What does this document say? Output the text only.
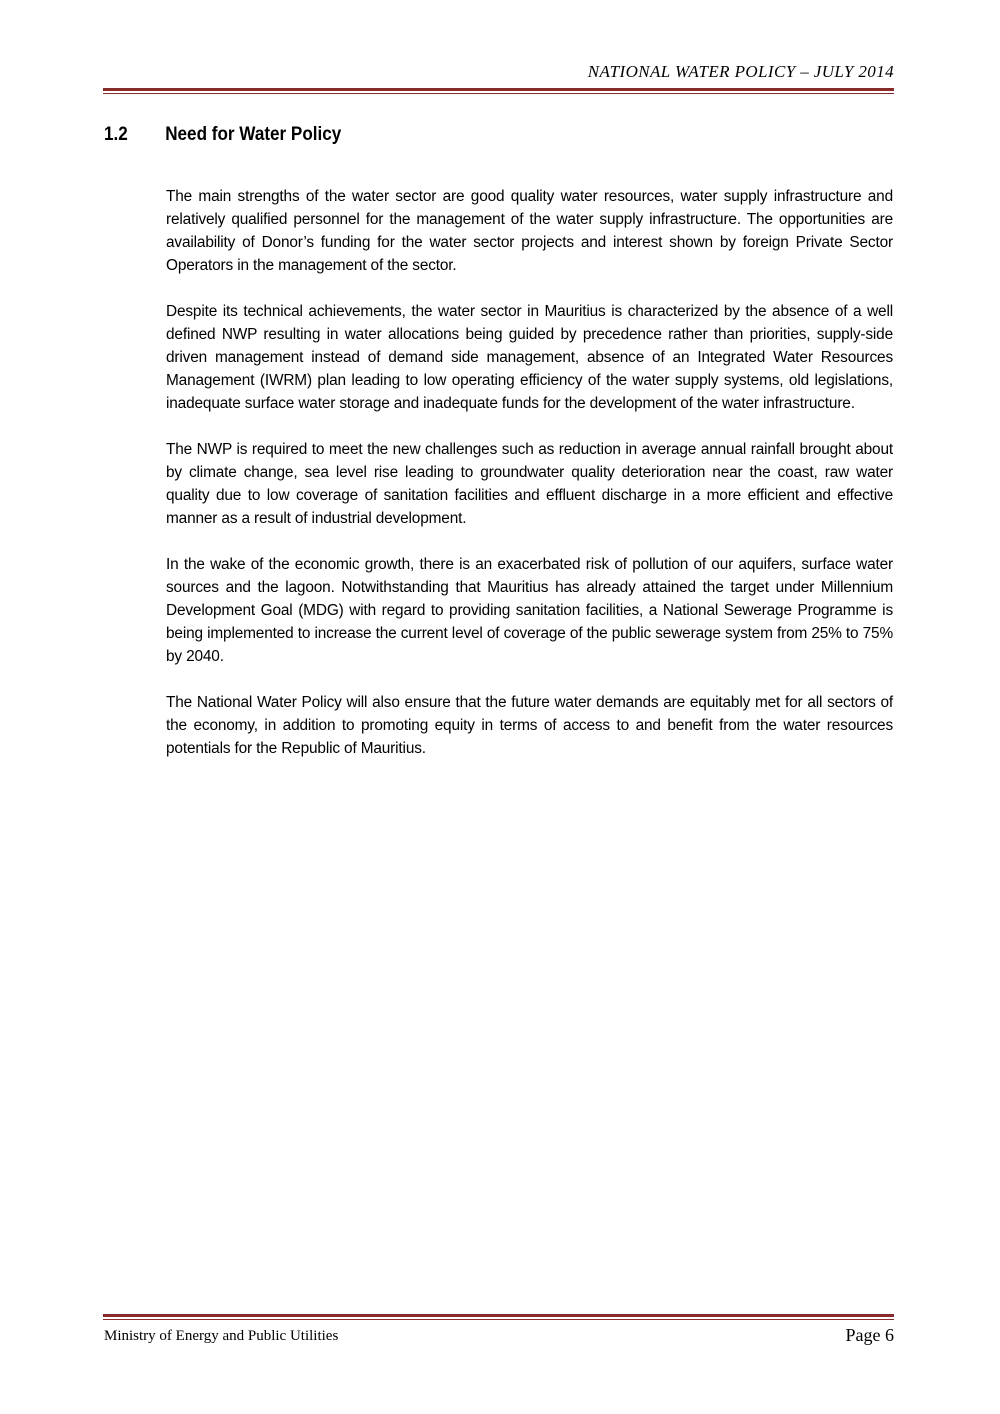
NATIONAL WATER POLICY – JULY 2014
1.2 Need for Water Policy

The main strengths of the water sector are good quality water resources, water supply infrastructure and relatively qualified personnel for the management of the water supply infrastructure. The opportunities are availability of Donor’s funding for the water sector projects and interest shown by foreign Private Sector Operators in the management of the sector.

Despite its technical achievements, the water sector in Mauritius is characterized by the absence of a well defined NWP resulting in water allocations being guided by precedence rather than priorities, supply-side driven management instead of demand side management, absence of an Integrated Water Resources Management (IWRM) plan leading to low operating efficiency of the water supply systems, old legislations, inadequate surface water storage and inadequate funds for the development of the water infrastructure.

The NWP is required to meet the new challenges such as reduction in average annual rainfall brought about by climate change, sea level rise leading to groundwater quality deterioration near the coast, raw water quality due to low coverage of sanitation facilities and effluent discharge in a more efficient and effective manner as a result of industrial development.

In the wake of the economic growth, there is an exacerbated risk of pollution of our aquifers, surface water sources and the lagoon. Notwithstanding that Mauritius has already attained the target under Millennium Development Goal (MDG) with regard to providing sanitation facilities, a National Sewerage Programme is being implemented to increase the current level of coverage of the public sewerage system from 25% to 75% by 2040.

The National Water Policy will also ensure that the future water demands are equitably met for all sectors of the economy, in addition to promoting equity in terms of access to and benefit from the water resources potentials for the Republic of Mauritius.

Ministry of Energy and Public Utilities	Page 6
